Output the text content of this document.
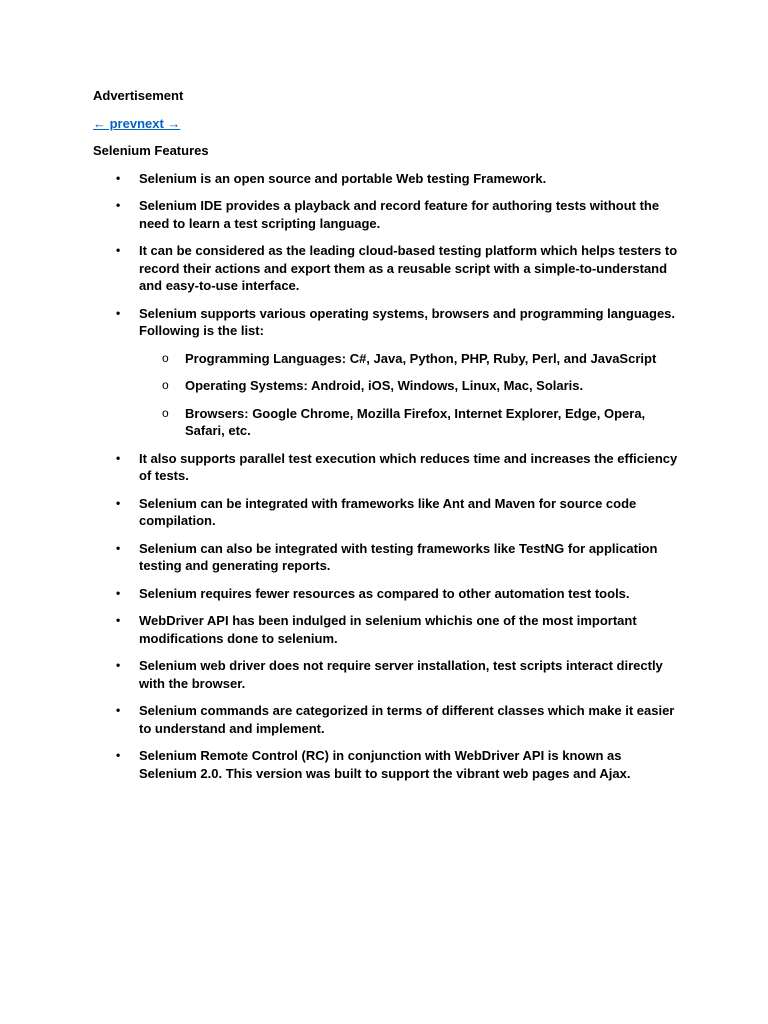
Advertisement

← prevnext →

Selenium Features

• Selenium is an open source and portable Web testing Framework.
• Selenium IDE provides a playback and record feature for authoring tests without the need to learn a test scripting language.
• It can be considered as the leading cloud-based testing platform which helps testers to record their actions and export them as a reusable script with a simple-to-understand and easy-to-use interface.
• Selenium supports various operating systems, browsers and programming languages. Following is the list:
o Programming Languages: C#, Java, Python, PHP, Ruby, Perl, and JavaScript
o Operating Systems: Android, iOS, Windows, Linux, Mac, Solaris.
o Browsers: Google Chrome, Mozilla Firefox, Internet Explorer, Edge, Opera, Safari, etc.
• It also supports parallel test execution which reduces time and increases the efficiency of tests.
• Selenium can be integrated with frameworks like Ant and Maven for source code compilation.
• Selenium can also be integrated with testing frameworks like TestNG for application testing and generating reports.
• Selenium requires fewer resources as compared to other automation test tools.
• WebDriver API has been indulged in selenium whichis one of the most important modifications done to selenium.
• Selenium web driver does not require server installation, test scripts interact directly with the browser.
• Selenium commands are categorized in terms of different classes which make it easier to understand and implement.
• Selenium Remote Control (RC) in conjunction with WebDriver API is known as Selenium 2.0. This version was built to support the vibrant web pages and Ajax.
